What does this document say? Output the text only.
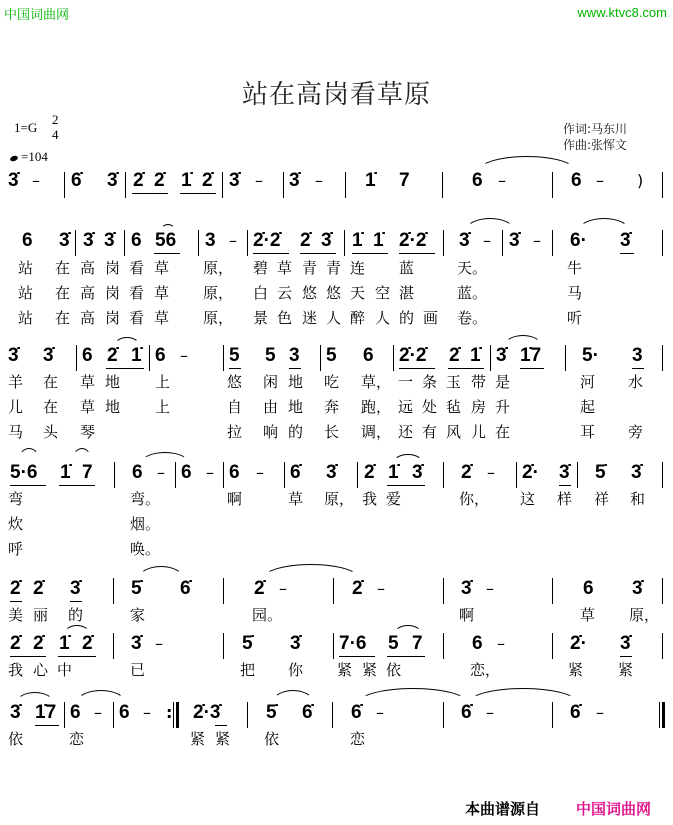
中国词曲网	www.ktvc8.com
站在高岗看草原
1=G
2
4
=104
作词:马东川
作曲:张恽文
3̇ – 6̇ 3̇ 2̇ 2̇ 1̇ 2̇ 3̇ – 3̇ – 1̇ 7	6 –	6 – )
6 3̇ 3̇ 3̇ 6 56 3 – 2̇·2̇ 2̇ 3̇ 1̇ 1̇ 2̇·2̇ 3̇ – 3̇ – 6· 3̇
站 在 高 岗 看 草 原， 碧 草 青 青 连 蓝	天。	牛
站 在 高 岗 看 草 原， 白 云 悠 悠 天 空 湛	蓝。	马
站 在 高 岗 看 草 原， 景 色 迷 人 醉 人 的 画 卷。	听
3̇ 3̇ 6 2̇ 1̇ 6 – 5 5 3 5 6 2̇·2̇ 2̇ 1̇ 3̇ 1̇7 5· 3
羊 在 草 地 上	悠 闲 地 吃 草， 一 条 玉 带 是	河 水
儿 在 草 地 上	自 由 地 奔 跑， 远 处 毡 房 升	起
马 头 琴	拉 响 的 长 调， 还 有 风 儿 在	耳 旁
5·6 1̇ 7 6 – 6 – 6 – 6̇ 3̇ 2̇ 1̇ 3̇ 2̇ – 2̇· 3̇ 5̇ 3̇
弯	弯。	啊	草 原， 我 爱	你， 这 样 祥 和
炊	烟。
呼	唤。
2̇ 2̇ 3̇	5̇ 6̇	2̇ –	2̇ –	3̇ –	6 3̇
美 丽 的	家	园。	啊	草 原，
2̇ 2̇ 1̇ 2̇ 3̇ –	5̇ 3̇ 7·6 5 7	6 –	2̇· 3̇
我 心 中	已	把 你 紧 紧 依	恋，	紧 紧
3̇ 1̇7 6 – 6 – : 2̇·3̇ 5̇ 6̇ 6̇ –	6̇ –	6̇ –
依	恋	紧 紧 依	恋
本曲谱源自 中国词曲网
